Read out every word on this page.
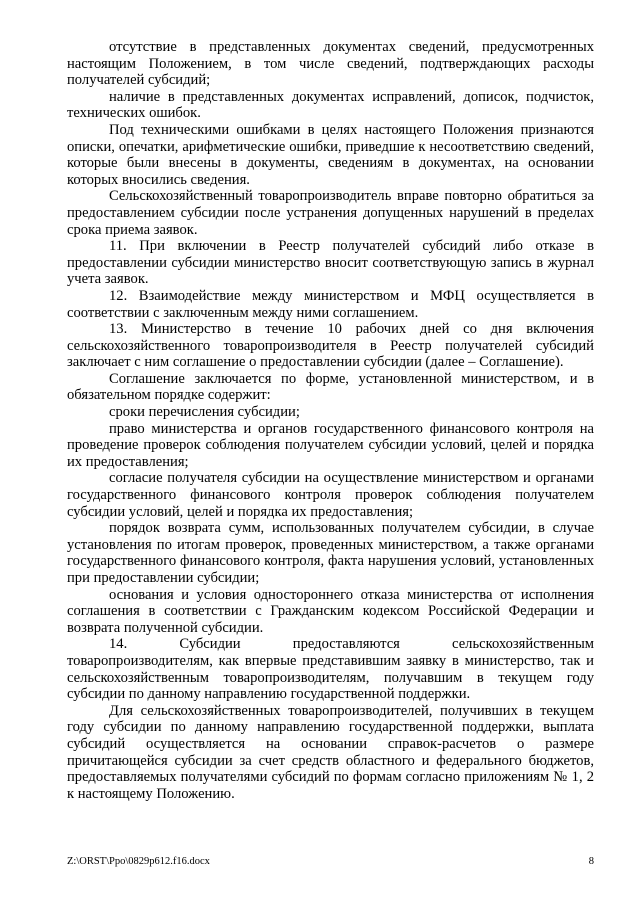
отсутствие в представленных документах сведений, предусмотренных настоящим Положением, в том числе сведений, подтверждающих расходы получателей субсидий;

наличие в представленных документах исправлений, дописок, подчисток, технических ошибок.

Под техническими ошибками в целях настоящего Положения признаются описки, опечатки, арифметические ошибки, приведшие к несоответствию сведений, которые были внесены в документы, сведениям в документах, на основании которых вносились сведения.

Сельскохозяйственный товаропроизводитель вправе повторно обратиться за предоставлением субсидии после устранения допущенных нарушений в пределах срока приема заявок.

11. При включении в Реестр получателей субсидий либо отказе в предоставлении субсидии министерство вносит соответствующую запись в журнал учета заявок.

12. Взаимодействие между министерством и МФЦ осуществляется в соответствии с заключенным между ними соглашением.

13. Министерство в течение 10 рабочих дней со дня включения сельскохозяйственного товаропроизводителя в Реестр получателей субсидий заключает с ним соглашение о предоставлении субсидии (далее – Соглашение).

Соглашение заключается по форме, установленной министерством, и в обязательном порядке содержит:

сроки перечисления субсидии;

право министерства и органов государственного финансового контроля на проведение проверок соблюдения получателем субсидии условий, целей и порядка их предоставления;

согласие получателя субсидии на осуществление министерством и органами государственного финансового контроля проверок соблюдения получателем субсидии условий, целей и порядка их предоставления;

порядок возврата сумм, использованных получателем субсидии, в случае установления по итогам проверок, проведенных министерством, а также органами государственного финансового контроля, факта нарушения условий, установленных при предоставлении субсидии;

основания и условия одностороннего отказа министерства от исполнения соглашения в соответствии с Гражданским кодексом Российской Федерации и возврата полученной субсидии.

14. Субсидии предоставляются сельскохозяйственным товаропроизводителям, как впервые представившим заявку в министерство, так и сельскохозяйственным товаропроизводителям, получавшим в текущем году субсидии по данному направлению государственной поддержки.

Для сельскохозяйственных товаропроизводителей, получивших в текущем году субсидии по данному направлению государственной поддержки, выплата субсидий осуществляется на основании справок-расчетов о размере причитающейся субсидии за счет средств областного и федерального бюджетов, предоставляемых получателями субсидий по формам согласно приложениям № 1, 2 к настоящему Положению.

Z:\ORST\Ppo\0829p612.f16.docx	8
